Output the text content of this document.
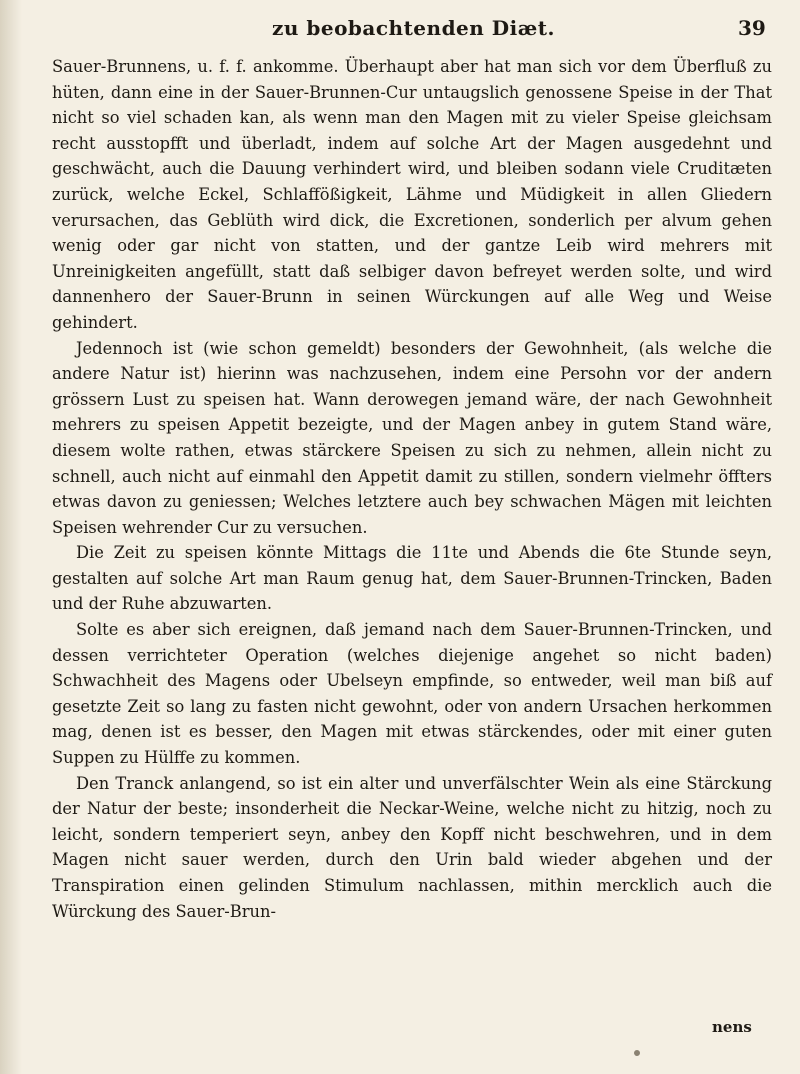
zu beobachtenden Diæt.	39

Sauer-Brunnens, u. f. f. ankomme. Überhaupt aber hat man sich vor dem Überfluß zu hüten, dann eine in der Sauer-Brunnen-Cur untaugslich genossene Speise in der That nicht so viel schaden kan, als wenn man den Magen mit zu vieler Speise gleichsam recht ausstopfft und überladt, indem auf solche Art der Magen ausgedehnt und geschwächt, auch die Dauung verhindert wird, und bleiben sodann viele Cruditæten zurück, welche Eckel, Schlaffößigkeit, Lähme und Müdigkeit in allen Gliedern verursachen, das Geblüth wird dick, die Excretionen, sonderlich per alvum gehen wenig oder gar nicht von statten, und der gantze Leib wird mehrers mit Unreinigkeiten angefüllt, statt daß selbiger davon befreyet werden solte, und wird dannenhero der Sauer-Brunn in seinen Würckungen auf alle Weg und Weise gehindert.

Jedennoch ist (wie schon gemeldt) besonders der Gewohnheit, (als welche die andere Natur ist) hierinn was nachzusehen, indem eine Persohn vor der andern grössern Lust zu speisen hat. Wann derowegen jemand wäre, der nach Gewohnheit mehrers zu speisen Appetit bezeigte, und der Magen anbey in gutem Stand wäre, diesem wolte rathen, etwas stärckere Speisen zu sich zu nehmen, allein nicht zu schnell, auch nicht auf einmahl den Appetit damit zu stillen, sondern vielmehr öffters etwas davon zu geniessen; Welches letztere auch bey schwachen Mägen mit leichten Speisen wehrender Cur zu versuchen.

Die Zeit zu speisen könnte Mittags die 11te und Abends die 6te Stunde seyn, gestalten auf solche Art man Raum genug hat, dem Sauer-Brunnen-Trincken, Baden und der Ruhe abzuwarten.

Solte es aber sich ereignen, daß jemand nach dem Sauer-Brunnen-Trincken, und dessen verrichteter Operation (welches diejenige angehet so nicht baden) Schwachheit des Magens oder Ubelseyn empfinde, so entweder, weil man biß auf gesetzte Zeit so lang zu fasten nicht gewohnt, oder von andern Ursachen herkommen mag, denen ist es besser, den Magen mit etwas stärckendes, oder mit einer guten Suppen zu Hülffe zu kommen.

Den Tranck anlangend, so ist ein alter und unverfälschter Wein als eine Stärckung der Natur der beste; insonderheit die Neckar-Weine, welche nicht zu hitzig, noch zu leicht, sondern temperiert seyn, anbey den Kopff nicht beschwehren, und in dem Magen nicht sauer werden, durch den Urin bald wieder abgehen und der Transpiration einen gelinden Stimulum nachlassen, mithin mercklich auch die Würckung des Sauer-Brun-

nens
